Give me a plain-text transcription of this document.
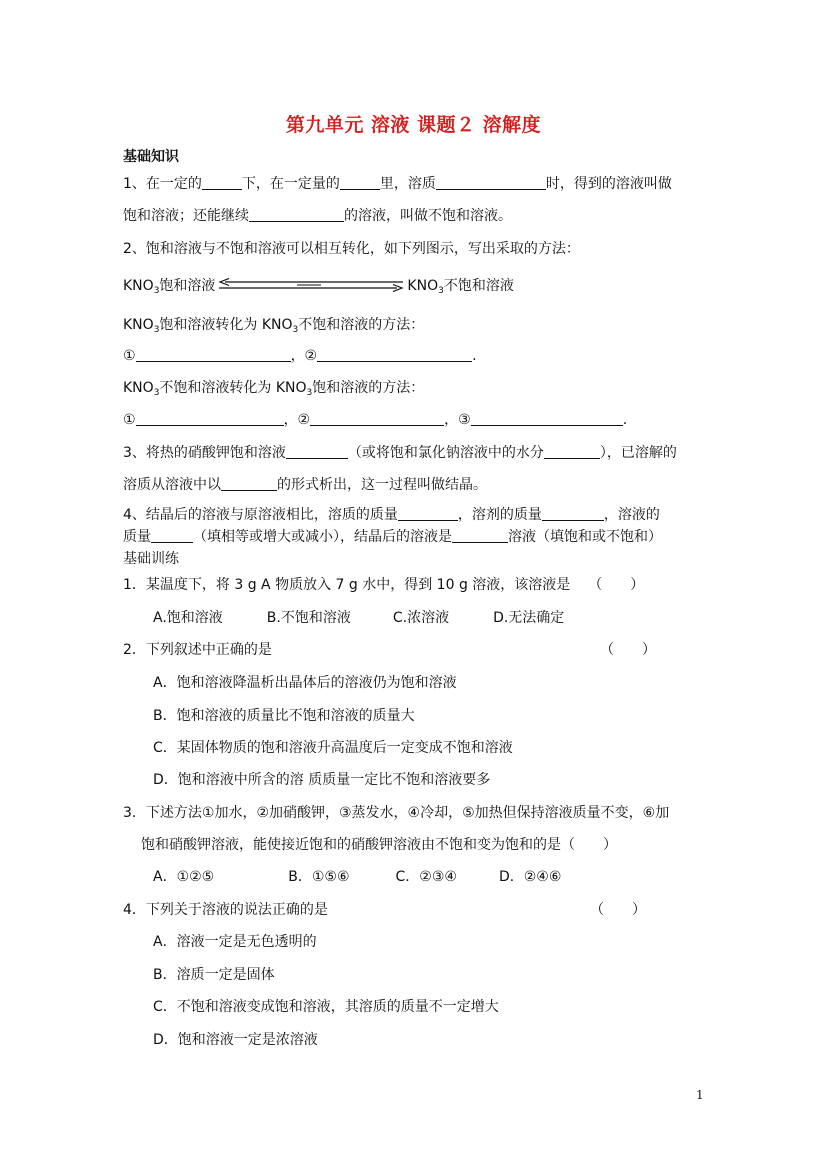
第九单元 溶液 课题２ 溶解度
基础知识
1、在一定的	下，在一定量的	里，溶质	时，得到的溶液叫做
饱和溶液；还能继续	的溶液，叫做不饱和溶液。
2、饱和溶液与不饱和溶液可以相互转化，如下列图示，写出采取的方法：
$KNO_3$饱和溶液	$KNO_3$不饱和溶液
$KNO_3$饱和溶液转化为 $KNO_3$不饱和溶液的方法：
①	，②	.
$KNO_3$不饱和溶液转化为 $KNO_3$饱和溶液的方法：
①	，②	，③	.
3、将热的硝酸钾饱和溶液	（或将饱和氯化钠溶液中的水分	），已溶解的
溶质从溶液中以	的形式析出，这一过程叫做结晶。
4、结晶后的溶液与原溶液相比，溶质的质量	，溶剂的质量	，溶液的
质量	（填相等或增大或减小），结晶后的溶液是	溶液（填饱和或不饱和）
基础训练
1．某温度下，将 3 g A 物质放入 7 g 水中，得到 10 g 溶液，该溶液是 （　　）
A.饱和溶液	B.不饱和溶液	C.浓溶液	D.无法确定
2．下列叙述中正确的是	（　　）
A．饱和溶液降温析出晶体后的溶液仍为饱和溶液
B．饱和溶液的质量比不饱和溶液的质量大
C．某固体物质的饱和溶液升高温度后一定变成不饱和溶液
D．饱和溶液中所含的溶 质质量一定比不饱和溶液要多
3．下述方法①加水，②加硝酸钾，③蒸发水，④冷却，⑤加热但保持溶液质量不变，⑥加
饱和硝酸钾溶液，能使接近饱和的硝酸钾溶液由不饱和变为饱和的是（　　）
A．①②⑤	B．①⑤⑥	C．②③④	D．②④⑥
4．下列关于溶液的说法正确的是	（　　）
A．溶液一定是无色透明的
B．溶质一定是固体
C．不饱和溶液变成饱和溶液，其溶质的质量不一定增大
D．饱和溶液一定是浓溶液
1
